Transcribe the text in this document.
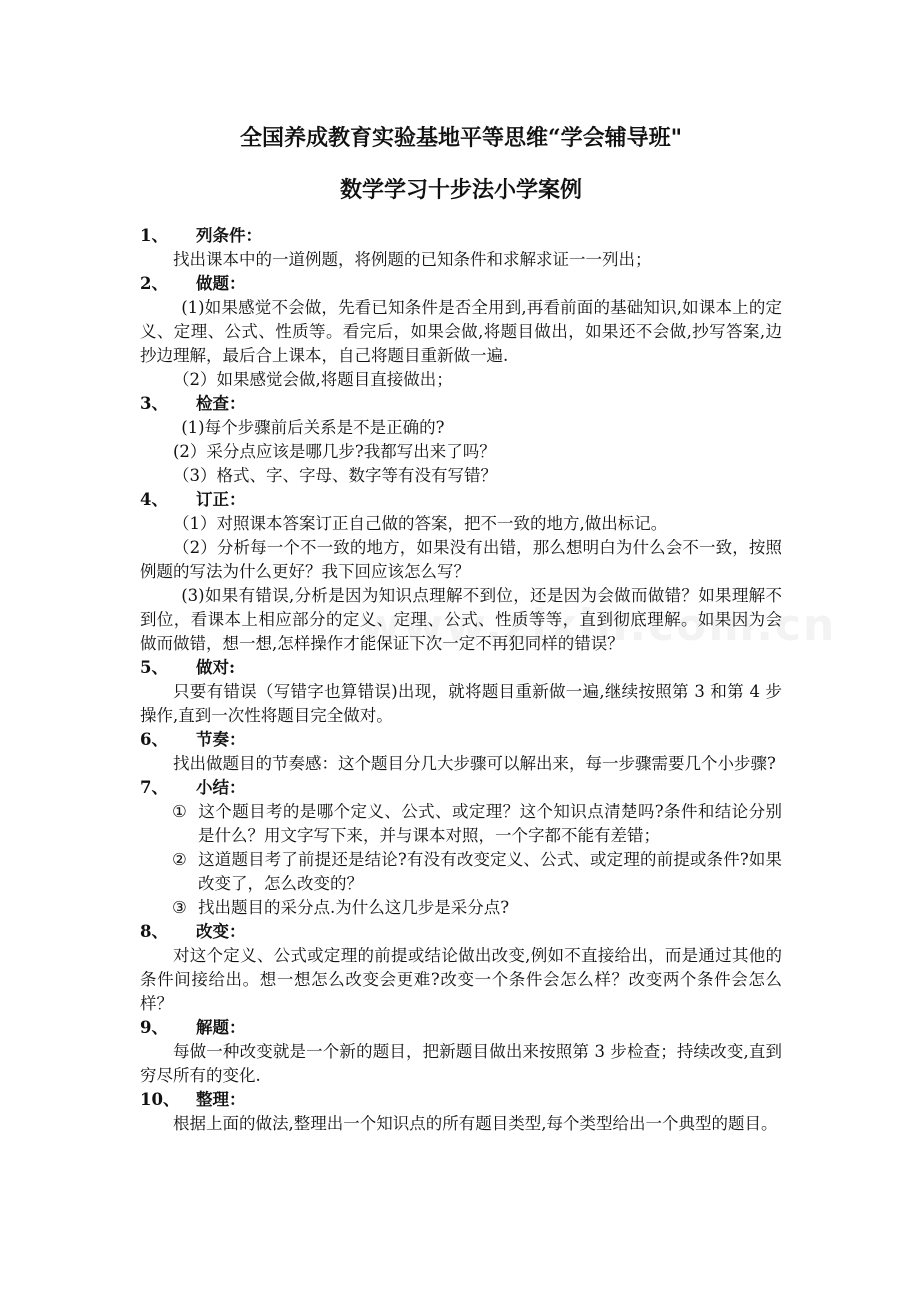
全国养成教育实验基地平等思维“学会辅导班"
数学学习十步法小学案例
1、 列条件：

找出课本中的一道例题，将例题的已知条件和求解求证一一列出；

2、 做题：

(1)如果感觉不会做，先看已知条件是否全用到,再看前面的基础知识,如课本上的定义、定理、公式、性质等。看完后，如果会做,将题目做出，如果还不会做,抄写答案,边抄边理解，最后合上课本，自己将题目重新做一遍.

（2）如果感觉会做,将题目直接做出；

3、 检查：

(1)每个步骤前后关系是不是正确的?

(2）采分点应该是哪几步?我都写出来了吗？

（3）格式、字、字母、数字等有没有写错？

4、 订正：

（1）对照课本答案订正自己做的答案，把不一致的地方,做出标记。

（2）分析每一个不一致的地方，如果没有出错，那么想明白为什么会不一致，按照例题的写法为什么更好？我下回应该怎么写？

(3)如果有错误,分析是因为知识点理解不到位，还是因为会做而做错？如果理解不到位，看课本上相应部分的定义、定理、公式、性质等等，直到彻底理解。如果因为会做而做错，想一想,怎样操作才能保证下次一定不再犯同样的错误？

5、 做对:

只要有错误（写错字也算错误)出现，就将题目重新做一遍,继续按照第 3 和第 4 步操作,直到一次性将题目完全做对。

6、 节奏：

找出做题目的节奏感：这个题目分几大步骤可以解出来，每一步骤需要几个小步骤?

7、 小结：

① 这个题目考的是哪个定义、公式、或定理？这个知识点清楚吗?条件和结论分别是什么？用文字写下来，并与课本对照，一个字都不能有差错；

② 这道题目考了前提还是结论?有没有改变定义、公式、或定理的前提或条件?如果改变了，怎么改变的？

③ 找出题目的采分点.为什么这几步是采分点?

8、 改变：

对这个定义、公式或定理的前提或结论做出改变,例如不直接给出，而是通过其他的条件间接给出。想一想怎么改变会更难?改变一个条件会怎么样？改变两个条件会怎么样？

9、 解题：

每做一种改变就是一个新的题目，把新题目做出来按照第 3 步检查；持续改变,直到穷尽所有的变化.

10、 整理：

根据上面的做法,整理出一个知识点的所有题目类型,每个类型给出一个典型的题目。
